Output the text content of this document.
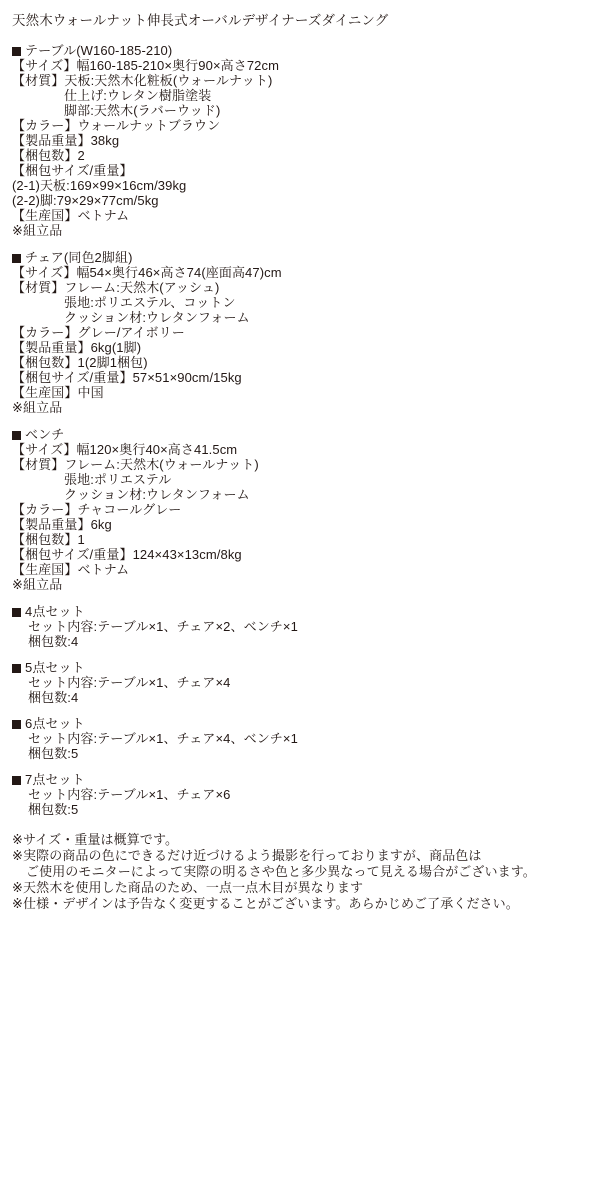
天然木ウォールナット伸長式オーバルデザイナーズダイニング
テーブル(W160-185-210)
【サイズ】幅160-185-210×奥行90×高さ72cm
【材質】天板:天然木化粧板(ウォールナット)
仕上げ:ウレタン樹脂塗装
脚部:天然木(ラバーウッド)
【カラー】ウォールナットブラウン
【製品重量】38kg
【梱包数】2
【梱包サイズ/重量】
(2-1)天板:169×99×16cm/39kg
(2-2)脚:79×29×77cm/5kg
【生産国】ベトナム
※組立品
チェア(同色2脚組)
【サイズ】幅54×奥行46×高さ74(座面高47)cm
【材質】フレーム:天然木(アッシュ)
張地:ポリエステル、コットン
クッション材:ウレタンフォーム
【カラー】グレー/アイボリー
【製品重量】6kg(1脚)
【梱包数】1(2脚1梱包)
【梱包サイズ/重量】57×51×90cm/15kg
【生産国】中国
※組立品
ベンチ
【サイズ】幅120×奥行40×高さ41.5cm
【材質】フレーム:天然木(ウォールナット)
張地:ポリエステル
クッション材:ウレタンフォーム
【カラー】チャコールグレー
【製品重量】6kg
【梱包数】1
【梱包サイズ/重量】124×43×13cm/8kg
【生産国】ベトナム
※組立品
4点セット
セット内容:テーブル×1、チェア×2、ベンチ×1
梱包数:4
5点セット
セット内容:テーブル×1、チェア×4
梱包数:4
6点セット
セット内容:テーブル×1、チェア×4、ベンチ×1
梱包数:5
7点セット
セット内容:テーブル×1、チェア×6
梱包数:5
※サイズ・重量は概算です。
※実際の商品の色にできるだけ近づけるよう撮影を行っておりますが、商品色は
ご使用のモニターによって実際の明るさや色と多少異なって見える場合がございます。
※天然木を使用した商品のため、一点一点木目が異なります
※仕様・デザインは予告なく変更することがございます。あらかじめご了承ください。
